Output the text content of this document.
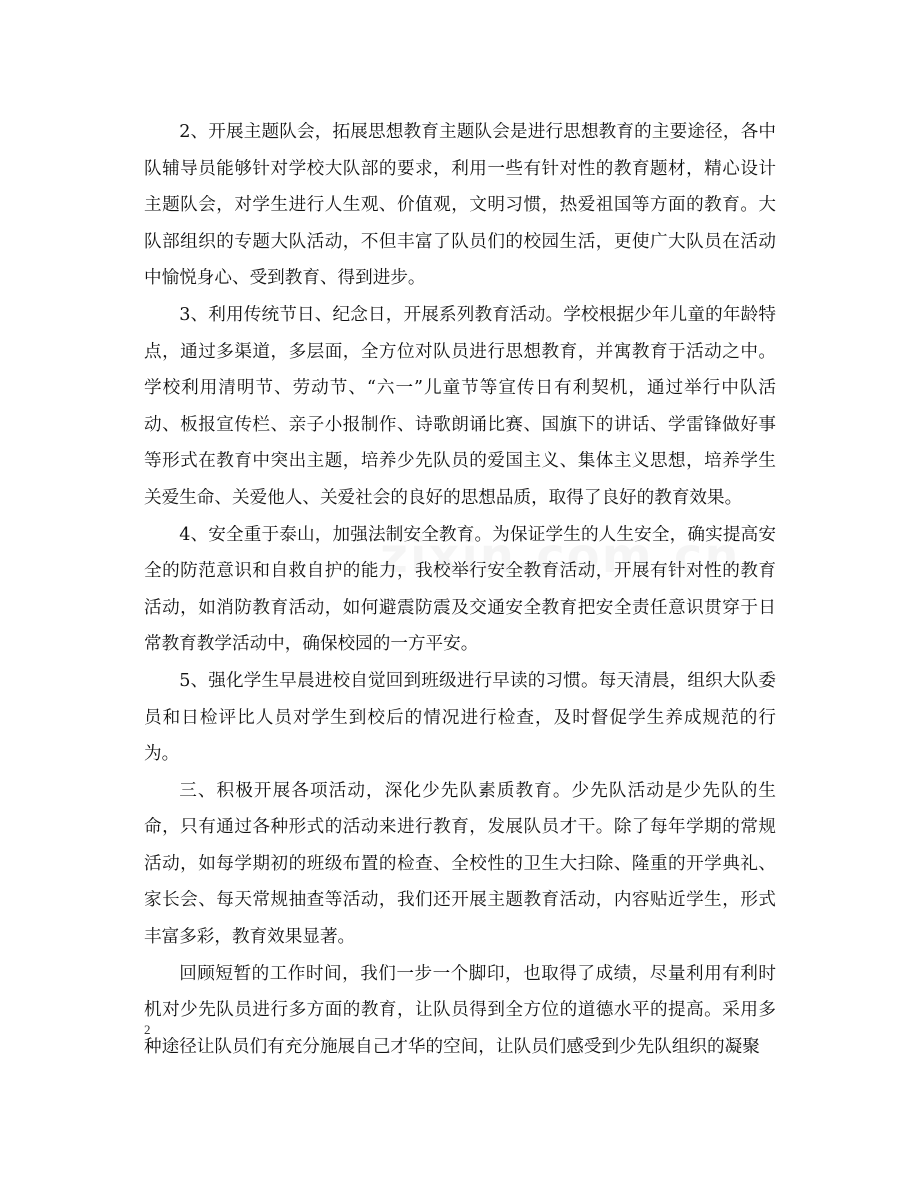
2、开展主题队会，拓展思想教育主题队会是进行思想教育的主要途径，各中队辅导员能够针对学校大队部的要求，利用一些有针对性的教育题材，精心设计主题队会，对学生进行人生观、价值观，文明习惯，热爱祖国等方面的教育。大队部组织的专题大队活动，不但丰富了队员们的校园生活，更使广大队员在活动中愉悦身心、受到教育、得到进步。

3、利用传统节日、纪念日，开展系列教育活动。学校根据少年儿童的年龄特点，通过多渠道，多层面，全方位对队员进行思想教育，并寓教育于活动之中。学校利用清明节、劳动节、“六一”儿童节等宣传日有利契机，通过举行中队活动、板报宣传栏、亲子小报制作、诗歌朗诵比赛、国旗下的讲话、学雷锋做好事等形式在教育中突出主题，培养少先队员的爱国主义、集体主义思想，培养学生关爱生命、关爱他人、关爱社会的良好的思想品质，取得了良好的教育效果。

4、安全重于泰山，加强法制安全教育。为保证学生的人生安全，确实提高安全的防范意识和自救自护的能力，我校举行安全教育活动，开展有针对性的教育活动，如消防教育活动，如何避震防震及交通安全教育把安全责任意识贯穿于日常教育教学活动中，确保校园的一方平安。

5、强化学生早晨进校自觉回到班级进行早读的习惯。每天清晨，组织大队委员和日检评比人员对学生到校后的情况进行检查，及时督促学生养成规范的行为。

三、积极开展各项活动，深化少先队素质教育。少先队活动是少先队的生命，只有通过各种形式的活动来进行教育，发展队员才干。除了每年学期的常规活动，如每学期初的班级布置的检查、全校性的卫生大扫除、隆重的开学典礼、家长会、每天常规抽查等活动，我们还开展主题教育活动，内容贴近学生，形式丰富多彩，教育效果显著。

回顾短暂的工作时间，我们一步一个脚印，也取得了成绩，尽量利用有利时机对少先队员进行多方面的教育，让队员得到全方位的道德水平的提高。采用多种途径让队员们有充分施展自己才华的空间，让队员们感受到少先队组织的凝聚

2
